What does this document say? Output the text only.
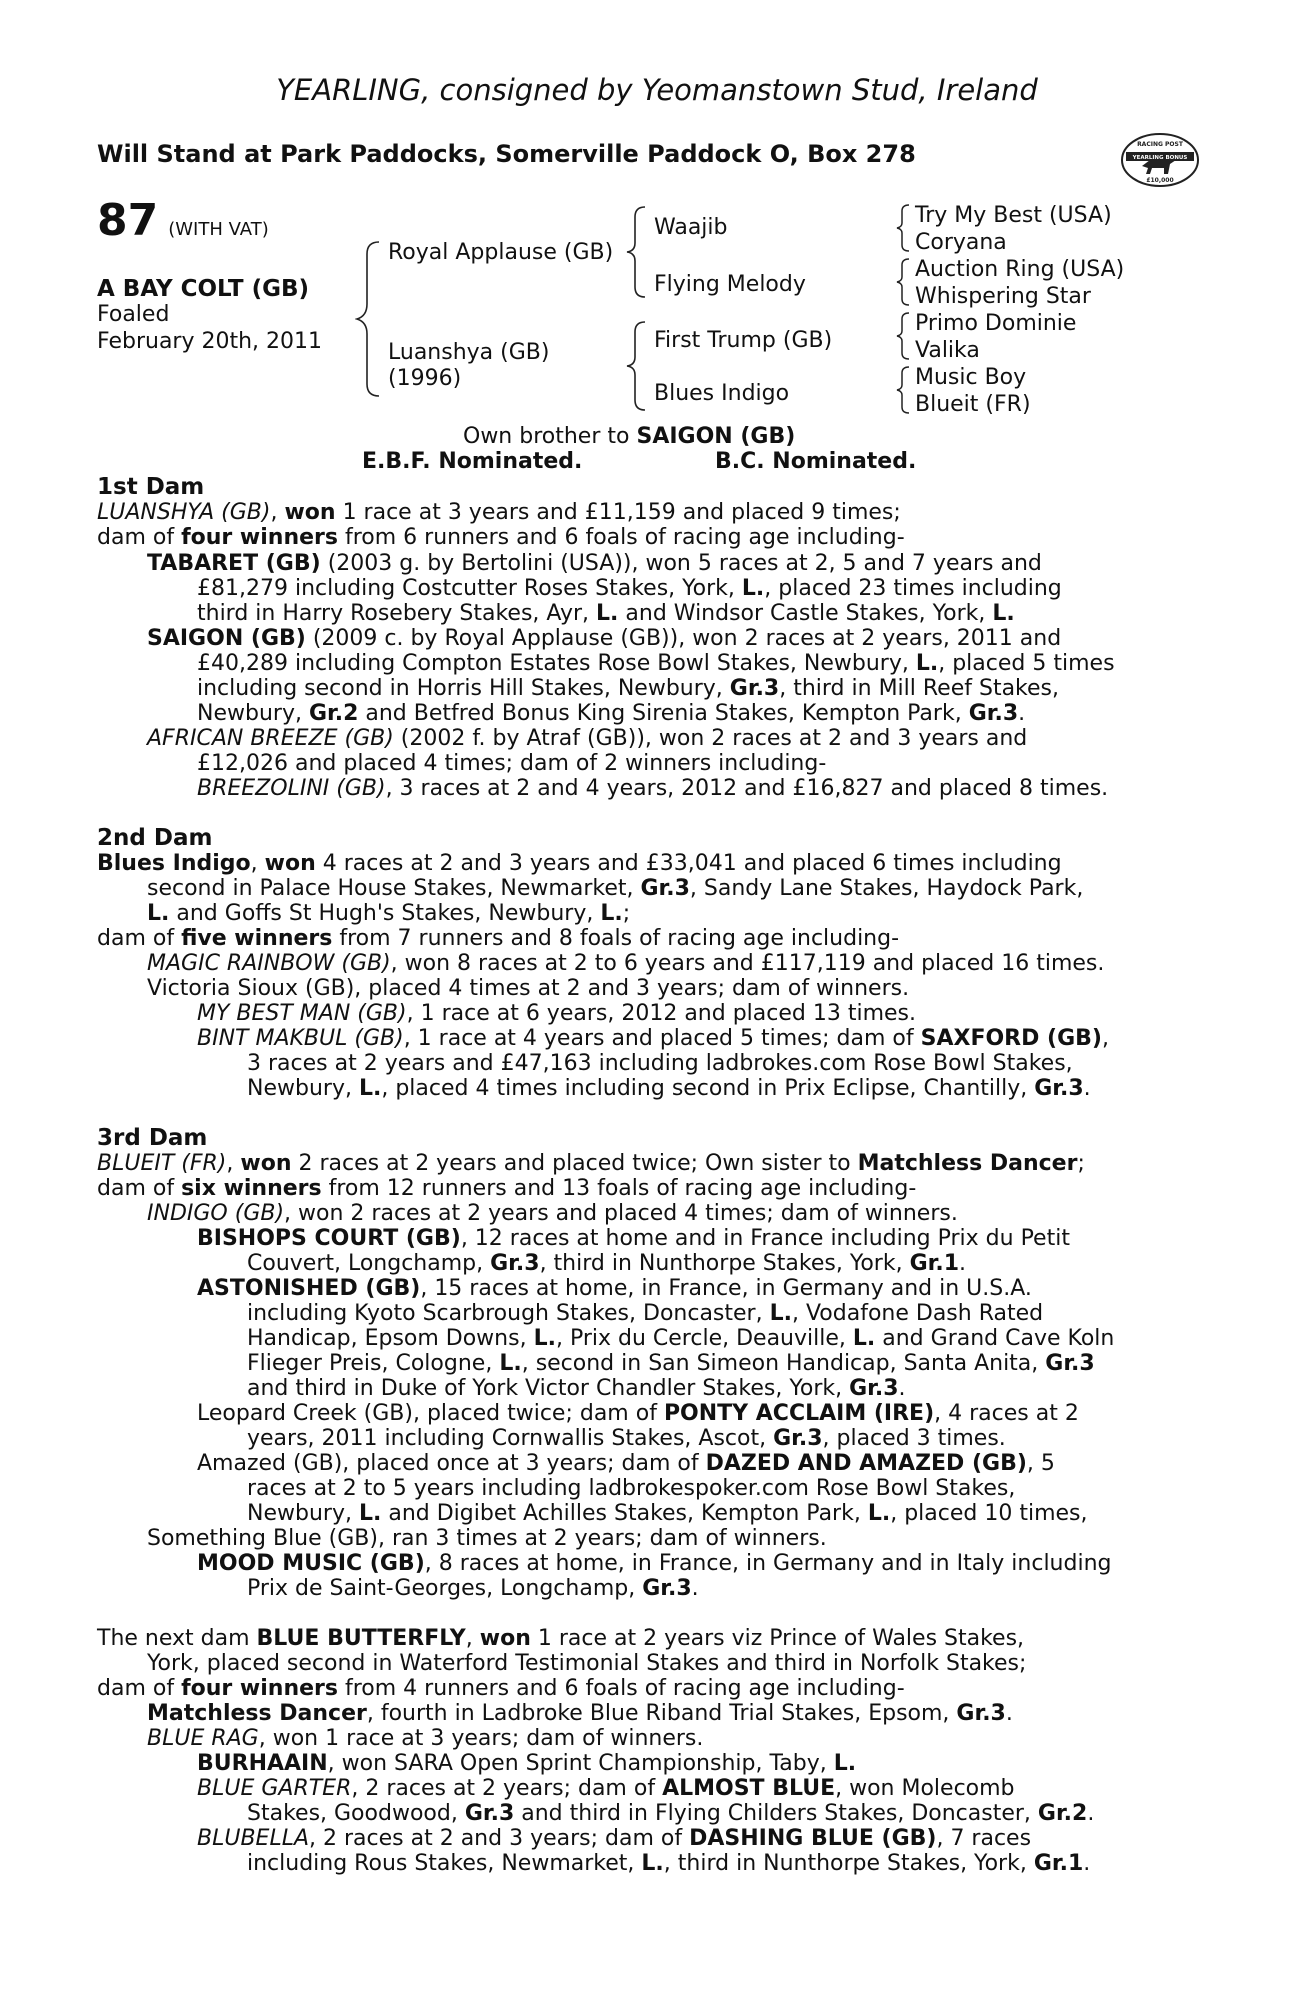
YEARLING, consigned by Yeomanstown Stud, Ireland
Will Stand at Park Paddocks, Somerville Paddock O, Box 278	RACING POST
YEARLING BONUS
£10,000
87 (WITH VAT)
A BAY COLT (GB)
Foaled
February 20th, 2011
Royal Applause (GB)
Luanshya (GB)
(1996)
Waajib
Flying Melody
First Trump (GB)
Blues Indigo
Try My Best (USA)
Coryana
Auction Ring (USA)
Whispering Star
Primo Dominie
Valika
Music Boy
Blueit (FR)
Own brother to SAIGON (GB)
E.B.F. Nominated.	B.C. Nominated.
1st Dam
LUANSHYA (GB), won 1 race at 3 years and £11,159 and placed 9 times;
dam of four winners from 6 runners and 6 foals of racing age including-
TABARET (GB) (2003 g. by Bertolini (USA)), won 5 races at 2, 5 and 7 years and
£81,279 including Costcutter Roses Stakes, York, L., placed 23 times including
third in Harry Rosebery Stakes, Ayr, L. and Windsor Castle Stakes, York, L.
SAIGON (GB) (2009 c. by Royal Applause (GB)), won 2 races at 2 years, 2011 and
£40,289 including Compton Estates Rose Bowl Stakes, Newbury, L., placed 5 times
including second in Horris Hill Stakes, Newbury, Gr.3, third in Mill Reef Stakes,
Newbury, Gr.2 and Betfred Bonus King Sirenia Stakes, Kempton Park, Gr.3.
AFRICAN BREEZE (GB) (2002 f. by Atraf (GB)), won 2 races at 2 and 3 years and
£12,026 and placed 4 times; dam of 2 winners including-
BREEZOLINI (GB), 3 races at 2 and 4 years, 2012 and £16,827 and placed 8 times.
2nd Dam
Blues Indigo, won 4 races at 2 and 3 years and £33,041 and placed 6 times including
second in Palace House Stakes, Newmarket, Gr.3, Sandy Lane Stakes, Haydock Park,
L. and Goffs St Hugh's Stakes, Newbury, L.;
dam of five winners from 7 runners and 8 foals of racing age including-
MAGIC RAINBOW (GB), won 8 races at 2 to 6 years and £117,119 and placed 16 times.
Victoria Sioux (GB), placed 4 times at 2 and 3 years; dam of winners.
MY BEST MAN (GB), 1 race at 6 years, 2012 and placed 13 times.
BINT MAKBUL (GB), 1 race at 4 years and placed 5 times; dam of SAXFORD (GB),
3 races at 2 years and £47,163 including ladbrokes.com Rose Bowl Stakes,
Newbury, L., placed 4 times including second in Prix Eclipse, Chantilly, Gr.3.
3rd Dam
BLUEIT (FR), won 2 races at 2 years and placed twice; Own sister to Matchless Dancer;
dam of six winners from 12 runners and 13 foals of racing age including-
INDIGO (GB), won 2 races at 2 years and placed 4 times; dam of winners.
BISHOPS COURT (GB), 12 races at home and in France including Prix du Petit
Couvert, Longchamp, Gr.3, third in Nunthorpe Stakes, York, Gr.1.
ASTONISHED (GB), 15 races at home, in France, in Germany and in U.S.A.
including Kyoto Scarbrough Stakes, Doncaster, L., Vodafone Dash Rated
Handicap, Epsom Downs, L., Prix du Cercle, Deauville, L. and Grand Cave Koln
Flieger Preis, Cologne, L., second in San Simeon Handicap, Santa Anita, Gr.3
and third in Duke of York Victor Chandler Stakes, York, Gr.3.
Leopard Creek (GB), placed twice; dam of PONTY ACCLAIM (IRE), 4 races at 2
years, 2011 including Cornwallis Stakes, Ascot, Gr.3, placed 3 times.
Amazed (GB), placed once at 3 years; dam of DAZED AND AMAZED (GB), 5
races at 2 to 5 years including ladbrokespoker.com Rose Bowl Stakes,
Newbury, L. and Digibet Achilles Stakes, Kempton Park, L., placed 10 times,
Something Blue (GB), ran 3 times at 2 years; dam of winners.
MOOD MUSIC (GB), 8 races at home, in France, in Germany and in Italy including
Prix de Saint-Georges, Longchamp, Gr.3.
The next dam BLUE BUTTERFLY, won 1 race at 2 years viz Prince of Wales Stakes,
York, placed second in Waterford Testimonial Stakes and third in Norfolk Stakes;
dam of four winners from 4 runners and 6 foals of racing age including-
Matchless Dancer, fourth in Ladbroke Blue Riband Trial Stakes, Epsom, Gr.3.
BLUE RAG, won 1 race at 3 years; dam of winners.
BURHAAIN, won SARA Open Sprint Championship, Taby, L.
BLUE GARTER, 2 races at 2 years; dam of ALMOST BLUE, won Molecomb
Stakes, Goodwood, Gr.3 and third in Flying Childers Stakes, Doncaster, Gr.2.
BLUBELLA, 2 races at 2 and 3 years; dam of DASHING BLUE (GB), 7 races
including Rous Stakes, Newmarket, L., third in Nunthorpe Stakes, York, Gr.1.
